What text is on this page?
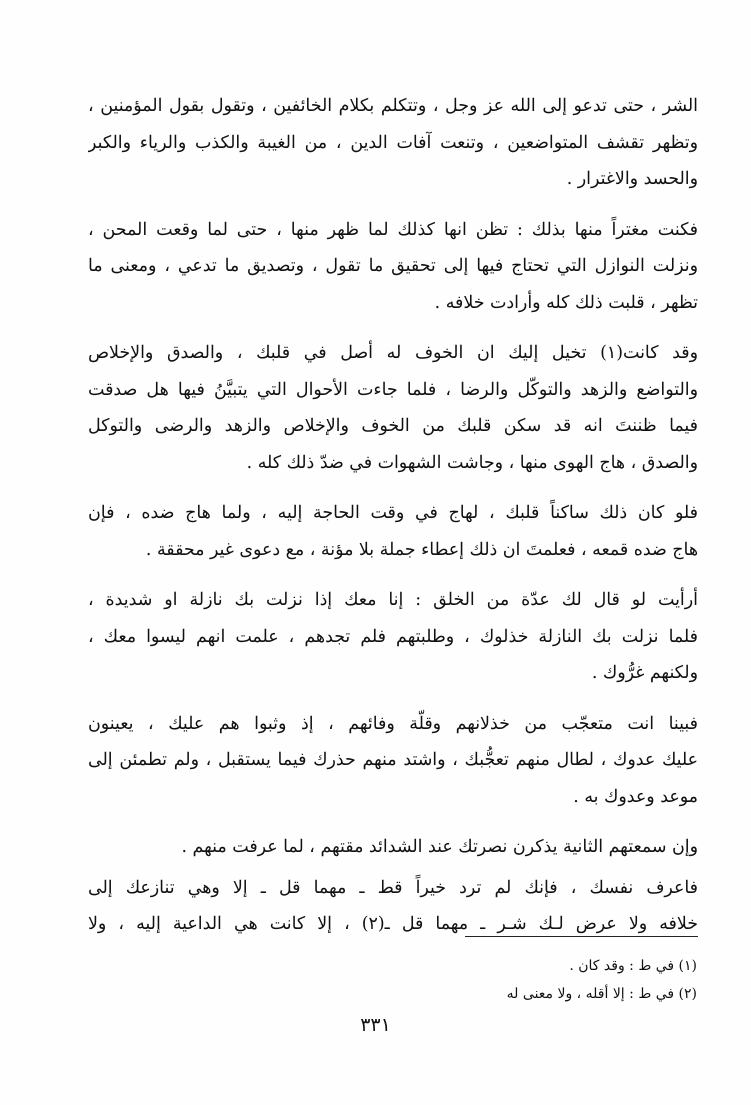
الشر ، حتى تدعو إلى الله عز وجل ، وتتكلم بكلام الخائفين ، وتقول بقول المؤمنين ،
وتظهر تقشف المتواضعين ، وتنعت آفات الدين ، من الغيبة والكذب والرياء والكبر
والحسد والاغترار .

فكنت مغتراً منها بذلك : تظن انها كذلك لما ظهر منها ، حتى لما وقعت المحن ،
ونزلت النوازل التي تحتاج فيها إلى تحقيق ما تقول ، وتصديق ما تدعي ، ومعنى ما
تظهر ، قلبت ذلك كله وأرادت خلافه .

وقد كانت(١) تخيل إليك ان الخوف له أصل في قلبك ، والصدق والإخلاص
والتواضع والزهد والتوكّل والرضا ، فلما جاءت الأحوال التي يتبيَّنُ فيها هل صدقت
فيما ظننتَ انه قد سكن قلبك من الخوف والإخلاص والزهد والرضى والتوكل
والصدق ، هاج الهوى منها ، وجاشت الشهوات في ضدّ ذلك كله .

فلو كان ذلك ساكناً قلبك ، لهاج في وقت الحاجة إليه ، ولما هاج ضده ، فإن
هاج ضده قمعه ، فعلمتَ ان ذلك إعطاء جملة بلا مؤنة ، مع دعوى غير محققة .

أرأيت لو قال لك عدّة من الخلق : إنا معك إذا نزلت بك نازلة او شديدة ،
فلما نزلت بك النازلة خذلوك ، وطلبتهم فلم تجدهم ، علمت انهم ليسوا معك ،
ولكنهم غرُّوك .

فبينا انت متعجّب من خذلانهم وقلّة وفائهم ، إذ وثبوا هم عليك ، يعينون
عليك عدوك ، لطال منهم تعجُّبك ، واشتد منهم حذرك فيما يستقبل ، ولم تطمئن إلى
موعد وعدوك به .

وإن سمعتهم الثانية يذكرن نصرتك عند الشدائد مقتهم ، لما عرفت منهم .

فاعرف نفسك ، فإنك لم ترد خيراً قط ـ مهما قل ـ إلا وهي تنازعك إلى
خلافه ولا عرض لـك شـر ـ مهما قل ـ(٢) ، إلا كانت هي الداعية إليه ، ولا

(١) في ط : وقد كان .
(٢) في ط : إلا أقله ، ولا معنى له
٣٣١
